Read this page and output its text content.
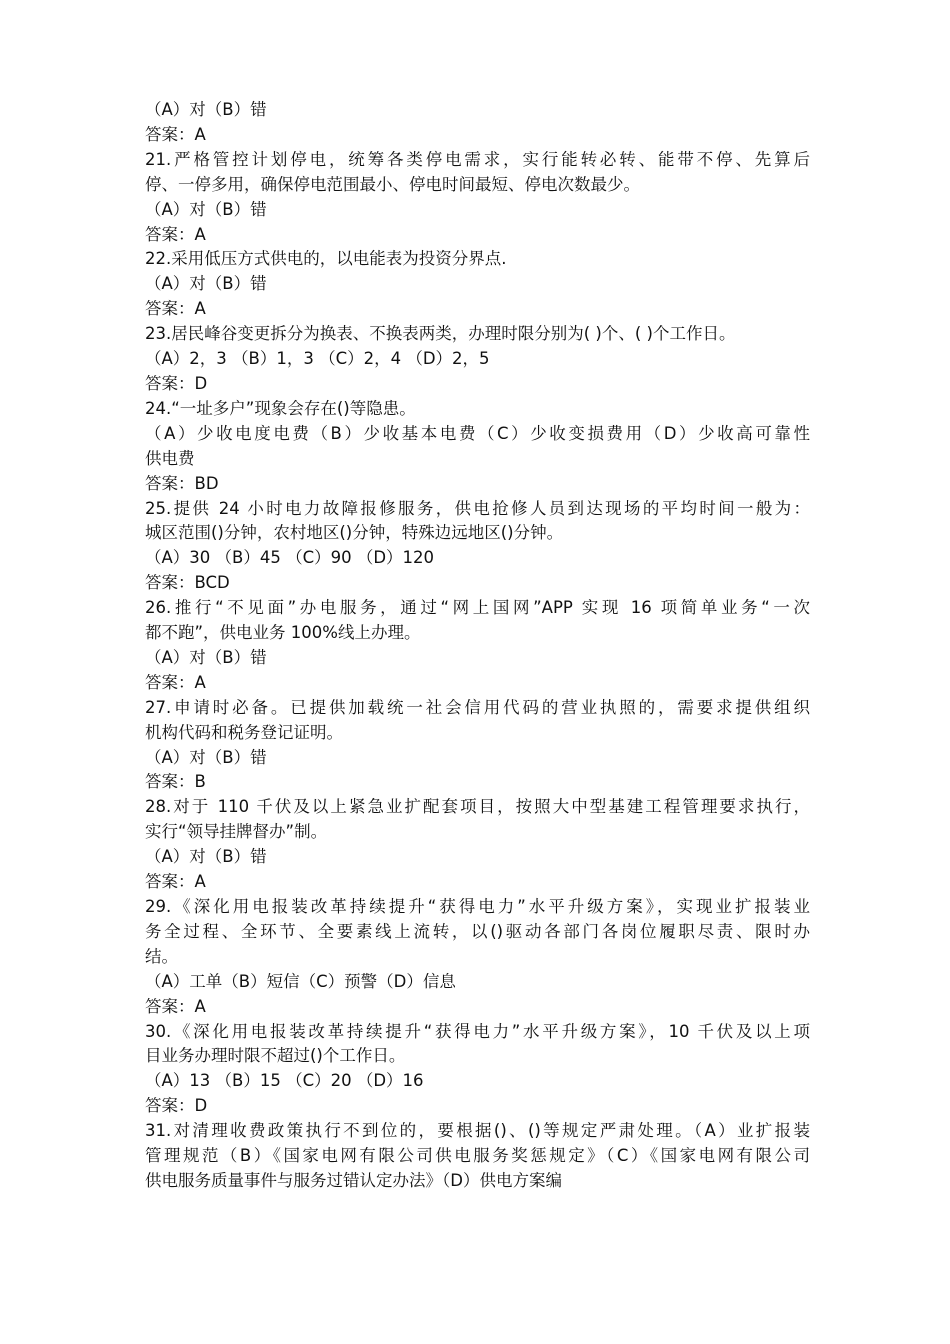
（A）对（B）错
答案：A
21.严格管控计划停电，统筹各类停电需求，实行能转必转、能带不停、先算后
停、一停多用，确保停电范围最小、停电时间最短、停电次数最少。
（A）对（B）错
答案：A
22.采用低压方式供电的，以电能表为投资分界点.
（A）对（B）错
答案：A
23.居民峰谷变更拆分为换表、不换表两类，办理时限分别为( )个、( )个工作日。
（A）2，3 （B）1，3 （C）2，4 （D）2，5
答案：D
24.“一址多户”现象会存在()等隐患。
（A）少收电度电费（B）少收基本电费（C）少收变损费用（D）少收高可靠性
供电费
答案：BD
25.提供 24 小时电力故障报修服务，供电抢修人员到达现场的平均时间一般为：
城区范围()分钟，农村地区()分钟，特殊边远地区()分钟。
（A）30 （B）45 （C）90 （D）120
答案：BCD
26.推行“不见面”办电服务，通过“网上国网”APP 实现 16 项简单业务“一次
都不跑”，供电业务 100%线上办理。
（A）对（B）错
答案：A
27.申请时必备。已提供加载统一社会信用代码的营业执照的，需要求提供组织
机构代码和税务登记证明。
（A）对（B）错
答案：B
28.对于 110 千伏及以上紧急业扩配套项目，按照大中型基建工程管理要求执行，
实行“领导挂牌督办”制。
（A）对（B）错
答案：A
29.《深化用电报装改革持续提升“获得电力”水平升级方案》，实现业扩报装业
务全过程、全环节、全要素线上流转，以()驱动各部门各岗位履职尽责、限时办
结。
（A）工单（B）短信（C）预警（D）信息
答案：A
30.《深化用电报装改革持续提升“获得电力”水平升级方案》，10 千伏及以上项
目业务办理时限不超过()个工作日。
（A）13 （B）15 （C）20 （D）16
答案：D
31.对清理收费政策执行不到位的，要根据()、()等规定严肃处理。（A）业扩报装
管理规范（B）《国家电网有限公司供电服务奖惩规定》（C）《国家电网有限公司
供电服务质量事件与服务过错认定办法》（D）供电方案编
